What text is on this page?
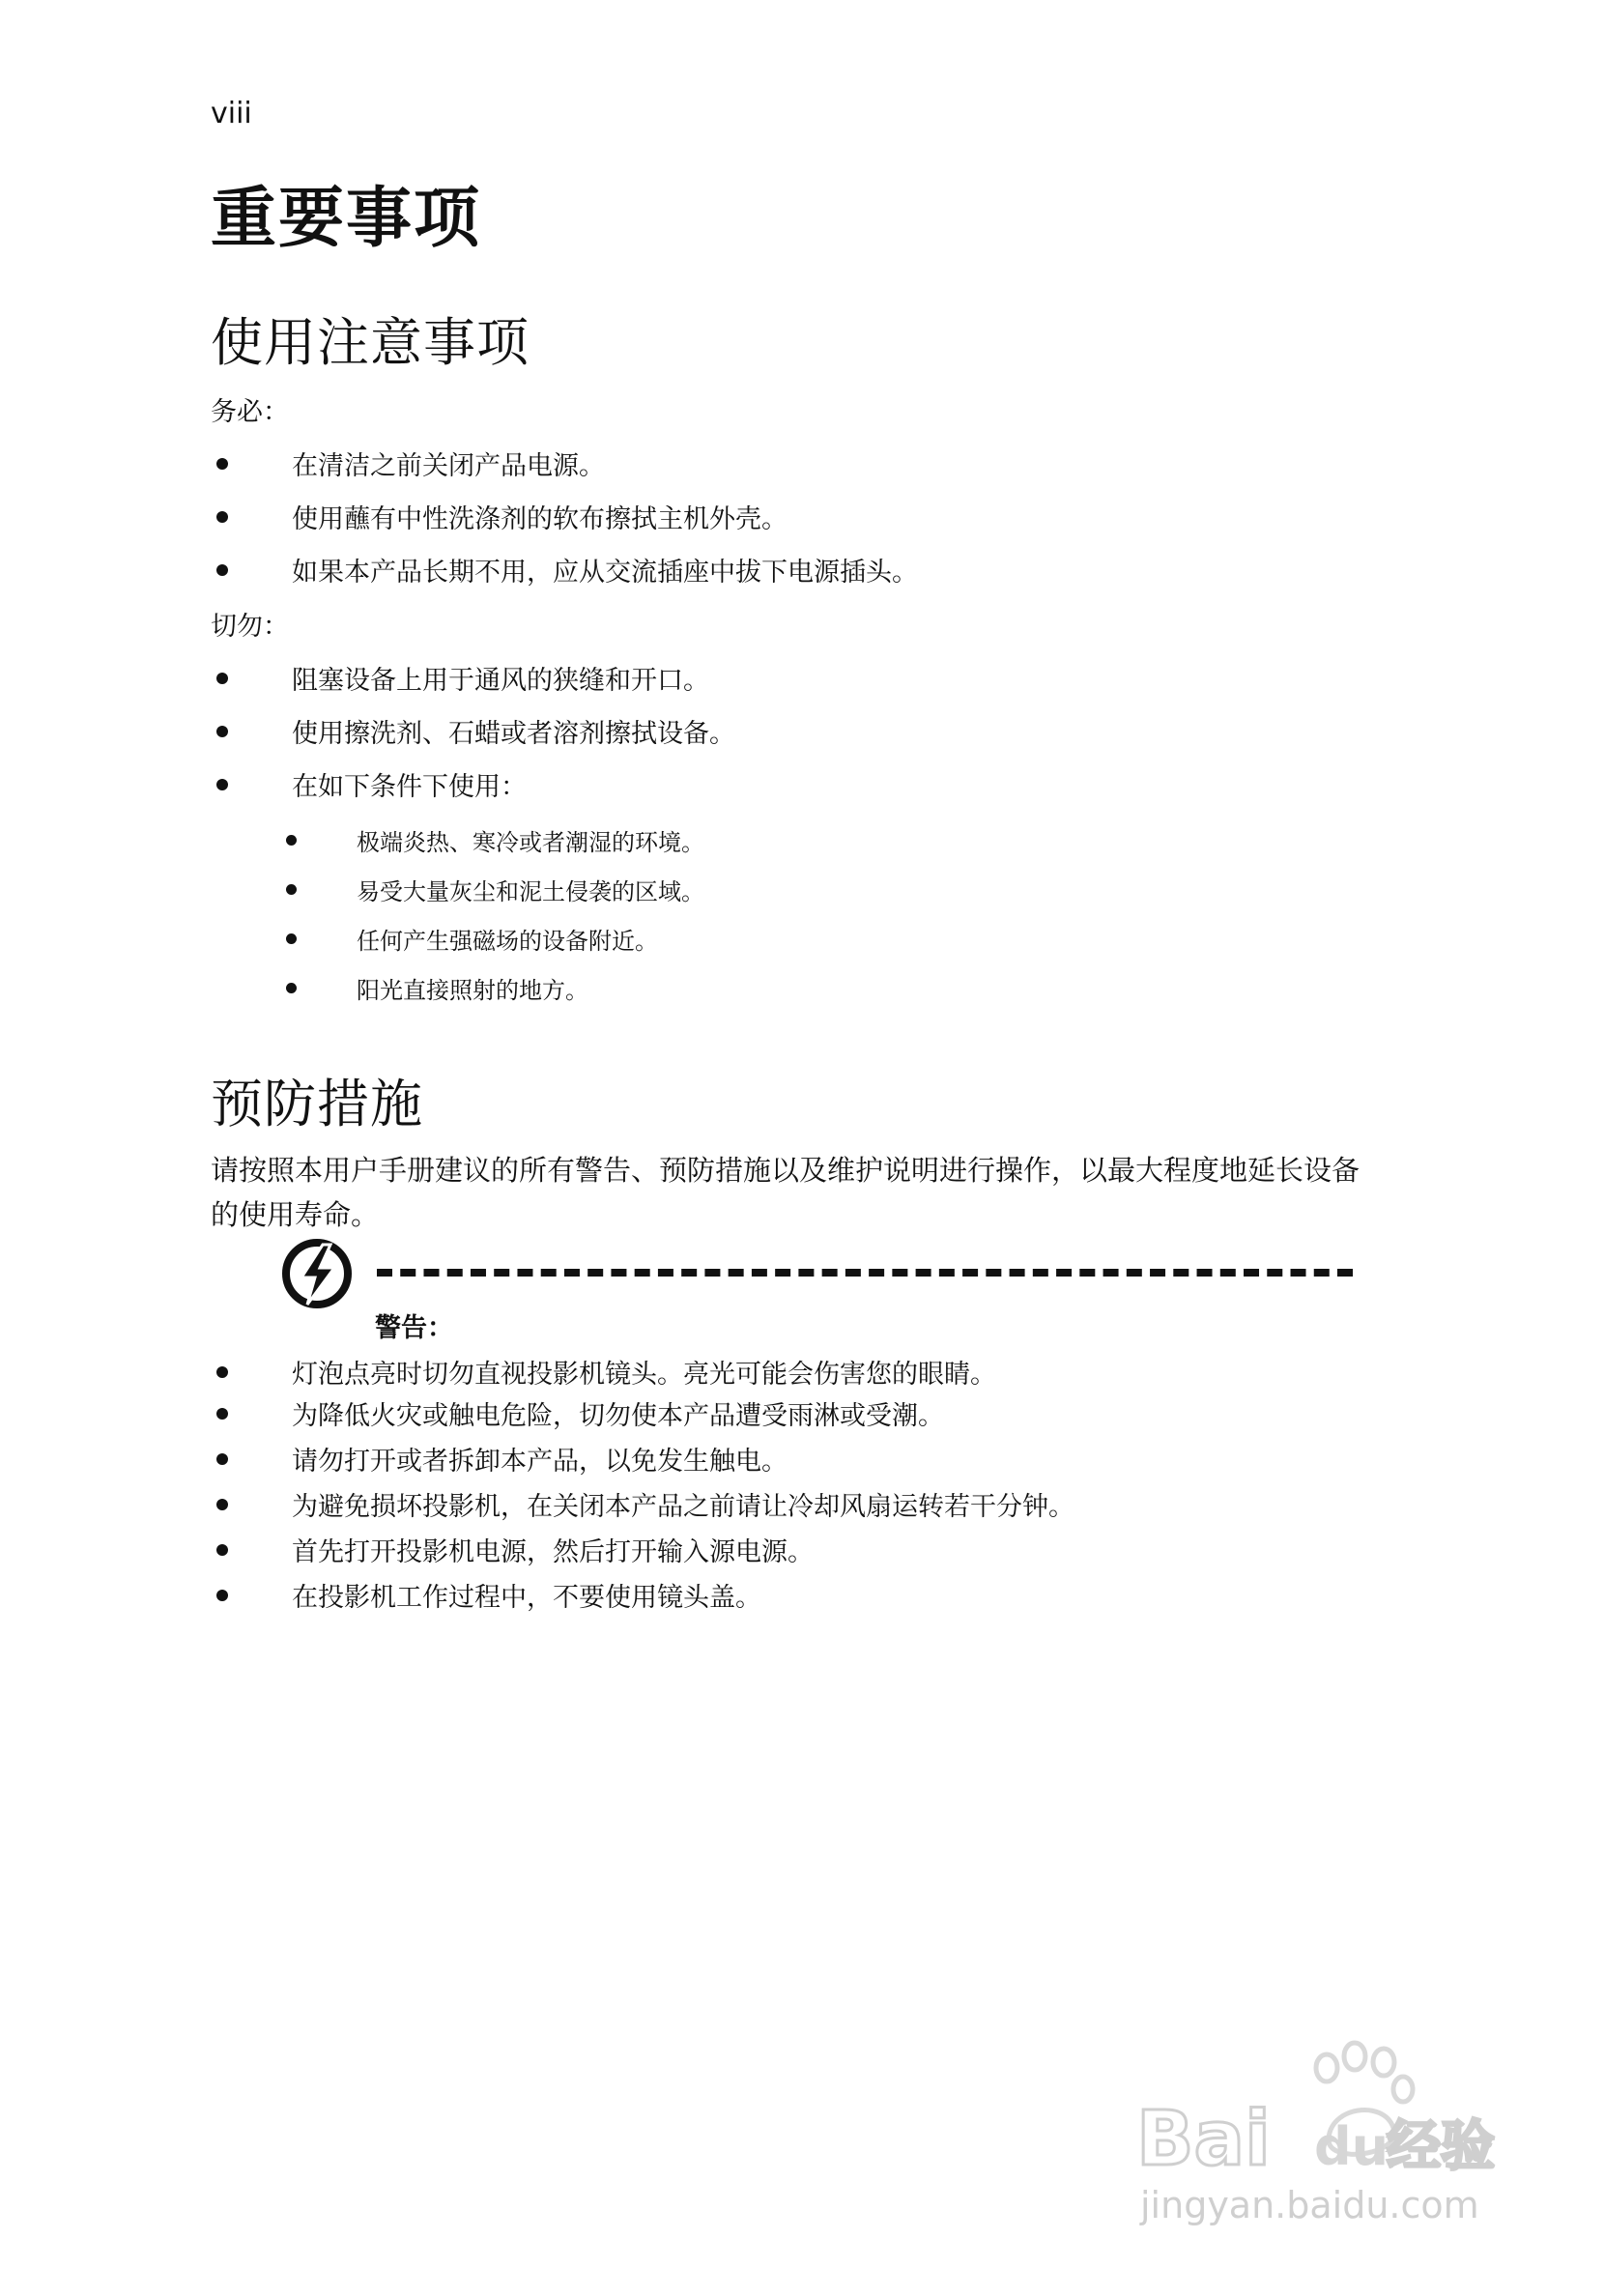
viii
重要事项
使用注意事项
务必：
在清洁之前关闭产品电源。
使用蘸有中性洗涤剂的软布擦拭主机外壳。
如果本产品长期不用，应从交流插座中拔下电源插头。
切勿：
阻塞设备上用于通风的狭缝和开口。
使用擦洗剂、石蜡或者溶剂擦拭设备。
在如下条件下使用：
极端炎热、寒冷或者潮湿的环境。
易受大量灰尘和泥土侵袭的区域。
任何产生强磁场的设备附近。
阳光直接照射的地方。
预防措施
请按照本用户手册建议的所有警告、预防措施以及维护说明进行操作，以最大程度地延长设备的使用寿命。
警告：
灯泡点亮时切勿直视投影机镜头。亮光可能会伤害您的眼睛。
为降低火灾或触电危险，切勿使本产品遭受雨淋或受潮。
请勿打开或者拆卸本产品，以免发生触电。
为避免损坏投影机，在关闭本产品之前请让冷却风扇运转若干分钟。
首先打开投影机电源，然后打开输入源电源。
在投影机工作过程中，不要使用镜头盖。
Bai du
经验
jingyan.baidu.com
